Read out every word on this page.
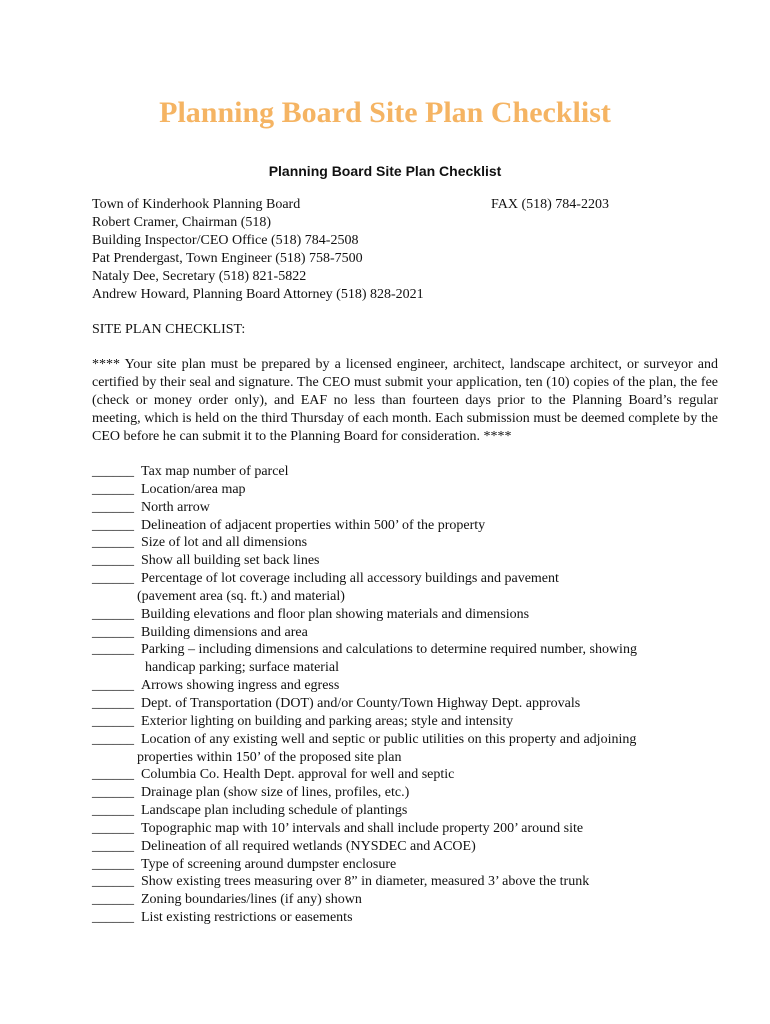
Planning Board Site Plan Checklist
Planning Board Site Plan Checklist
Town of Kinderhook Planning Board
Robert Cramer, Chairman (518)
Building Inspector/CEO Office (518) 784-2508
Pat Prendergast, Town Engineer (518) 758-7500
Nataly Dee, Secretary (518) 821-5822
Andrew Howard, Planning Board Attorney (518) 828-2021
FAX (518) 784-2203
SITE PLAN CHECKLIST:
**** Your site plan must be prepared by a licensed engineer, architect, landscape architect, or surveyor and certified by their seal and signature. The CEO must submit your application, ten (10) copies of the plan, the fee (check or money order only), and EAF no less than fourteen days prior to the Planning Board’s regular meeting, which is held on the third Thursday of each month. Each submission must be deemed complete by the CEO before he can submit it to the Planning Board for consideration. ****
______ Tax map number of parcel
______ Location/area map
______ North arrow
______ Delineation of adjacent properties within 500’ of the property
______ Size of lot and all dimensions
______ Show all building set back lines
______ Percentage of lot coverage including all accessory buildings and pavement
(pavement area (sq. ft.) and material)
______ Building elevations and floor plan showing materials and dimensions
______ Building dimensions and area
______ Parking – including dimensions and calculations to determine required number, showing
handicap parking; surface material
______ Arrows showing ingress and egress
______ Dept. of Transportation (DOT) and/or County/Town Highway Dept. approvals
______ Exterior lighting on building and parking areas; style and intensity
______ Location of any existing well and septic or public utilities on this property and adjoining
properties within 150’ of the proposed site plan
______ Columbia Co. Health Dept. approval for well and septic
______ Drainage plan (show size of lines, profiles, etc.)
______ Landscape plan including schedule of plantings
______ Topographic map with 10’ intervals and shall include property 200’ around site
______ Delineation of all required wetlands (NYSDEC and ACOE)
______ Type of screening around dumpster enclosure
______ Show existing trees measuring over 8” in diameter, measured 3’ above the trunk
______ Zoning boundaries/lines (if any) shown
______ List existing restrictions or easements
